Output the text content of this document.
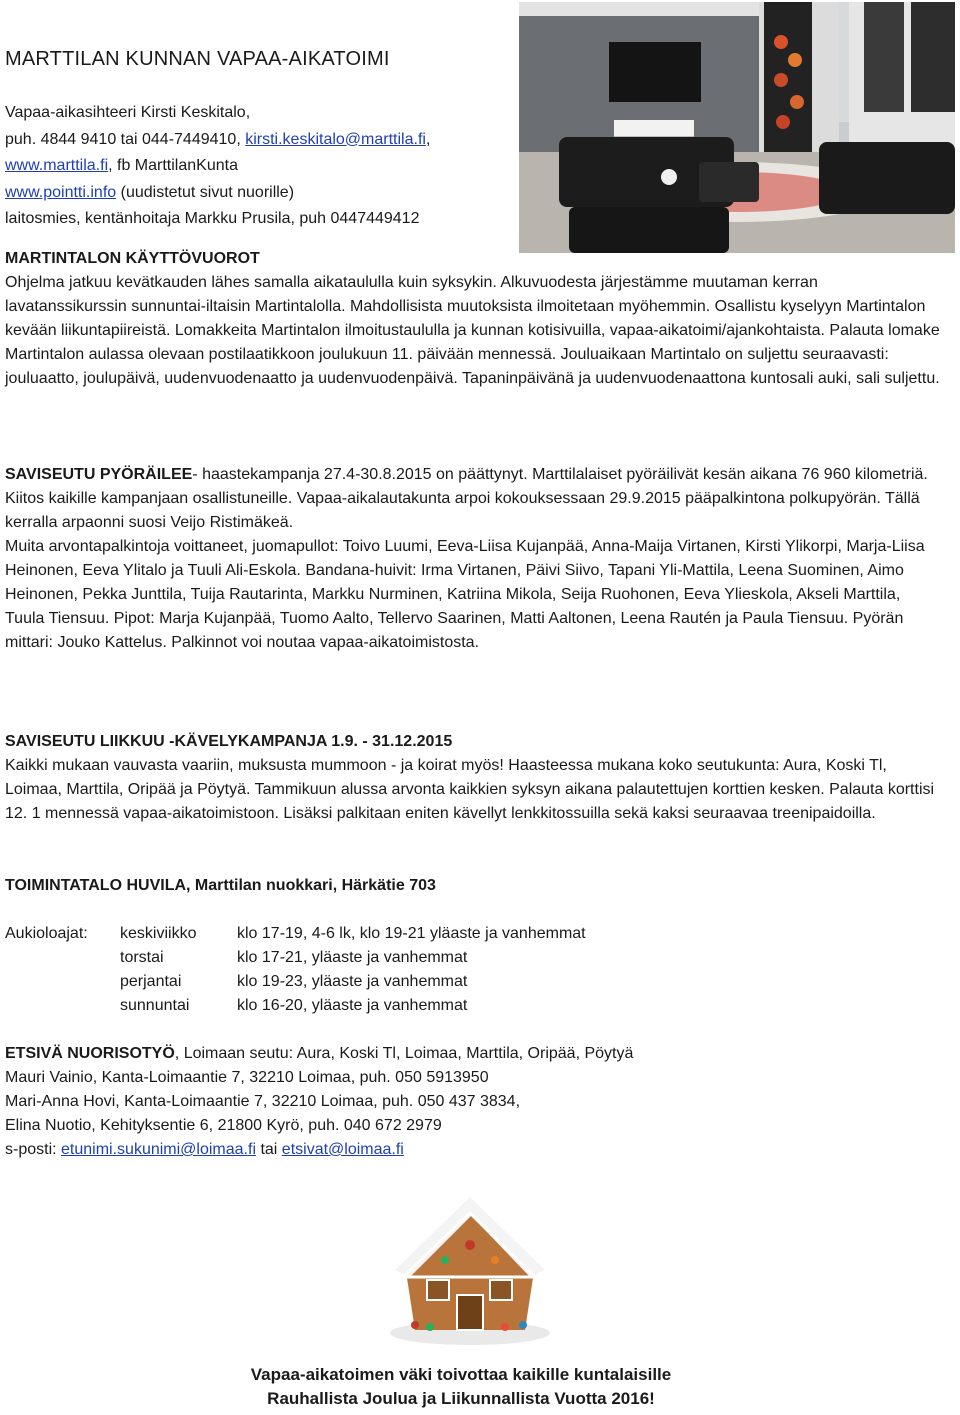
MARTTILAN KUNNAN VAPAA-AIKATOIMI
Vapaa-aikasihteeri Kirsti Keskitalo,
puh. 4844 9410 tai 044-7449410, kirsti.keskitalo@marttila.fi,
www.marttila.fi, fb MarttilanKunta
www.pointti.info (uudistetut sivut nuorille)
laitosmies, kentänhoitaja Markku Prusila, puh 0447449412
MARTINTALON KÄYTTÖVUOROT
Ohjelma jatkuu kevätkauden lähes samalla aikataululla kuin syksykin. Alkuvuodesta järjestämme muutaman kerran lavatanssikurssin sunnuntai-iltaisin Martintalolla. Mahdollisista muutoksista ilmoitetaan myöhemmin. Osallistu kyselyyn Martintalon kevään liikuntapiireistä. Lomakkeita Martintalon ilmoitustaululla ja kunnan kotisivuilla, vapaa-aikatoimi/ajankohtaista. Palauta lomake Martintalon aulassa olevaan postilaatikkoon joulukuun 11. päivään mennessä. Jouluaikaan Martintalo on suljettu seuraavasti: jouluaatto, joulupäivä, uudenvuodenaatto ja uudenvuodenpäivä. Tapaninpäivänä ja uudenvuodenaattona kuntosali auki, sali suljettu.
SAVISEUTU PYÖRÄILEE- haastekampanja 27.4-30.8.2015 on päättynyt. Marttilalaiset pyöräilivät kesän aikana 76 960 kilometriä. Kiitos kaikille kampanjaan osallistuneille. Vapaa-aikalautakunta arpoi kokouksessaan 29.9.2015 pääpalkintona polkupyörän. Tällä kerralla arpaonni suosi Veijo Ristimäkeä.
Muita arvontapalkintoja voittaneet, juomapullot: Toivo Luumi, Eeva-Liisa Kujanpää, Anna-Maija Virtanen, Kirsti Ylikorpi, Marja-Liisa Heinonen, Eeva Ylitalo ja Tuuli Ali-Eskola. Bandana-huivit: Irma Virtanen, Päivi Siivo, Tapani Yli-Mattila, Leena Suominen, Aimo Heinonen, Pekka Junttila, Tuija Rautarinta, Markku Nurminen, Katriina Mikola, Seija Ruohonen, Eeva Ylieskola, Akseli Marttila, Tuula Tiensuu. Pipot: Marja Kujanpää, Tuomo Aalto, Tellervo Saarinen, Matti Aaltonen, Leena Rautén ja Paula Tiensuu. Pyörän mittari: Jouko Kattelus. Palkinnot voi noutaa vapaa-aikatoimistosta.
SAVISEUTU LIIKKUU -KÄVELYKAMPANJA 1.9. - 31.12.2015
Kaikki mukaan vauvasta vaariin, muksusta mummoon - ja koirat myös! Haasteessa mukana koko seutukunta: Aura, Koski Tl, Loimaa, Marttila, Oripää ja Pöytyä. Tammikuun alussa arvonta kaikkien syksyn aikana palautettujen korttien kesken. Palauta korttisi 12. 1 mennessä vapaa-aikatoimistoon. Lisäksi palkitaan eniten kävellyt lenkkitossuilla sekä kaksi seuraavaa treenipaidoilla.
TOIMINTATALO HUVILA, Marttilan nuokkari, Härkätie 703
Aukioloajat: keskiviikko	klo 17-19, 4-6 lk, klo 19-21 yläaste ja vanhemmat
torstai	klo 17-21, yläaste ja vanhemmat
perjantai	klo 19-23, yläaste ja vanhemmat
sunnuntai	klo 16-20, yläaste ja vanhemmat
ETSIVÄ NUORISOTYÖ, Loimaan seutu: Aura, Koski Tl, Loimaa, Marttila, Oripää, Pöytyä
Mauri Vainio, Kanta-Loimaantie 7, 32210 Loimaa, puh. 050 5913950
Mari-Anna Hovi, Kanta-Loimaantie 7, 32210 Loimaa, puh. 050 437 3834,
Elina Nuotio, Kehityksentie 6, 21800 Kyrö, puh. 040 672 2979
s-posti: etunimi.sukunimi@loimaa.fi tai etsivat@loimaa.fi
Vapaa-aikatoimen väki toivottaa kaikille kuntalaisille
Rauhallista Joulua ja Liikunnallista Vuotta 2016!
